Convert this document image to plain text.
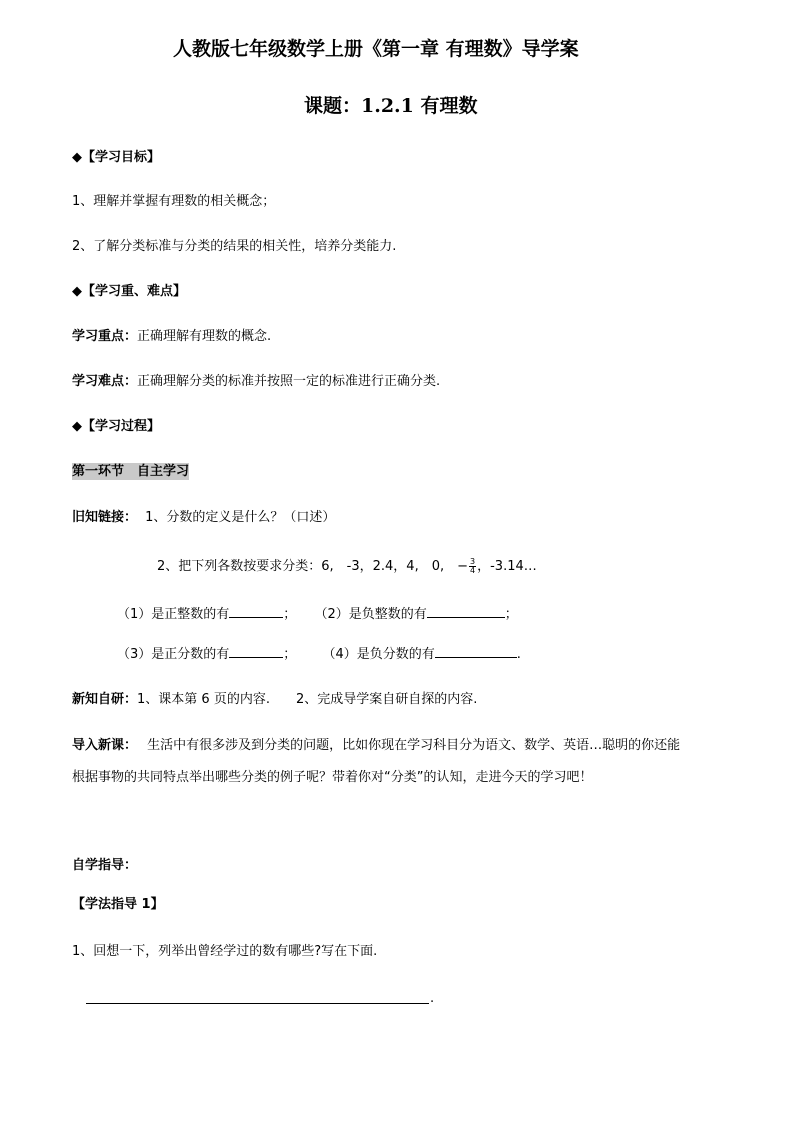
人教版七年级数学上册《第一章 有理数》导学案
课题：1.2.1 有理数
◆【学习目标】
1、理解并掌握有理数的相关概念；
2、了解分类标准与分类的结果的相关性，培养分类能力.
◆【学习重、难点】
学习重点：正确理解有理数的概念.
学习难点：正确理解分类的标准并按照一定的标准进行正确分类.
◆【学习过程】
第一环节　自主学习
旧知链接： 1、分数的定义是什么？（口述）
2、把下列各数按要求分类：6,　-3，2.4，4,　0,　− $\frac{3}{4}$ ，-3.14…
（1）是正整数的有	； （2）是负整数的有	；
（3）是正分数的有	； （4）是负分数的有	.
新知自研：1、课本第 6 页的内容.　　2、完成导学案自研自探的内容.
导入新课： 生活中有很多涉及到分类的问题，比如你现在学习科目分为语文、数学、英语…聪明的你还能
根据事物的共同特点举出哪些分类的例子呢？带着你对“分类”的认知，走进今天的学习吧！
自学指导：
【学法指导 1】
1、回想一下，列举出曾经学过的数有哪些?写在下面.
.
